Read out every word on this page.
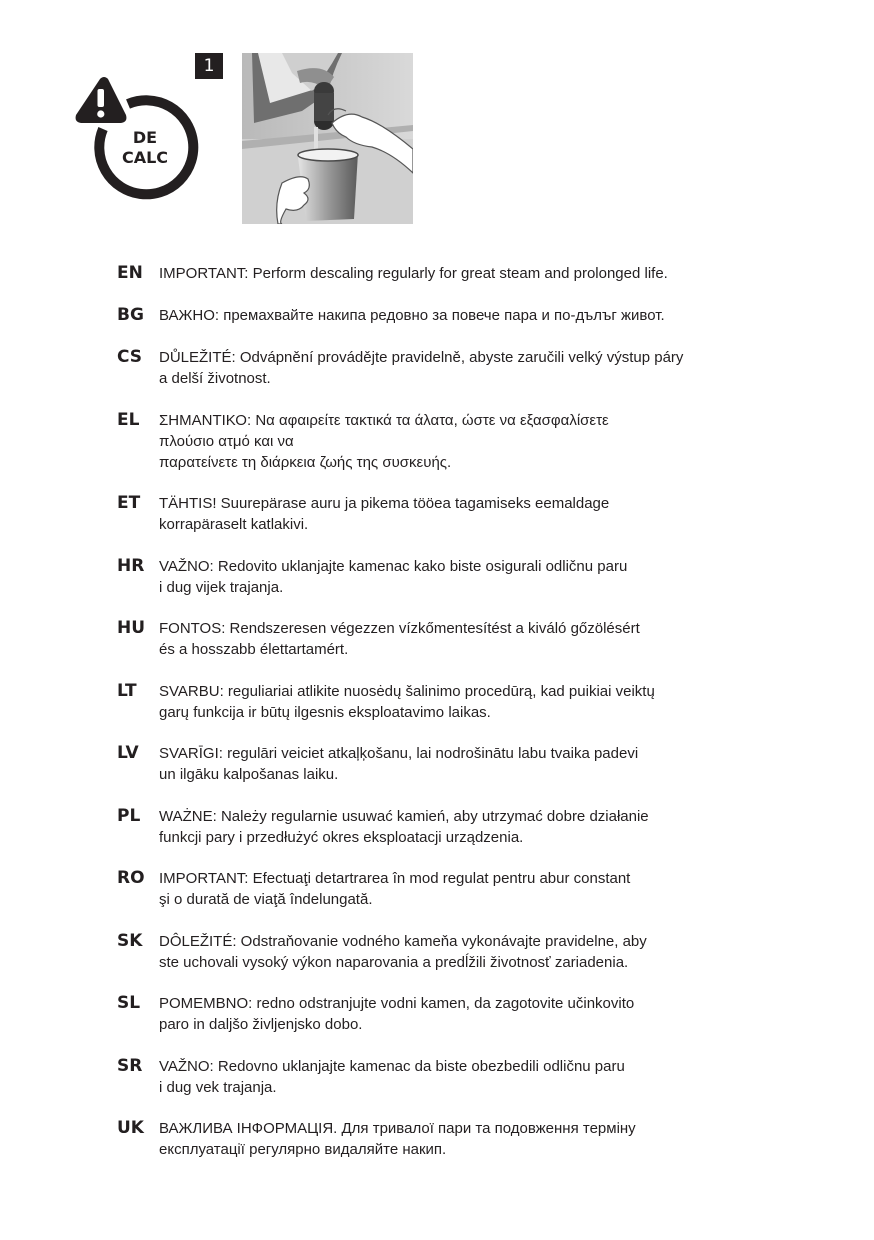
1
DE
CALC
EN IMPORTANT: Perform descaling regularly for great steam and prolonged life.
BG ВАЖНО: премахвайте накипа редовно за повече пара и по-дълъг живот.
CS DŮLEŽITÉ: Odvápnění provádějte pravidelně, abyste zaručili velký výstup páry
a delší životnost.
EL ΣΗΜΑΝΤΙΚΟ: Να αφαιρείτε τακτικά τα άλατα, ώστε να εξασφαλίσετε
πλούσιο ατμό και να
παρατείνετε τη διάρκεια ζωής της συσκευής.
ET TÄHTIS! Suurepärase auru ja pikema tööea tagamiseks eemaldage
korrapäraselt katlakivi.
HR VAŽNO: Redovito uklanjajte kamenac kako biste osigurali odličnu paru
i dug vijek trajanja.
HU FONTOS: Rendszeresen végezzen vízkőmentesítést a kiváló gőzölésért
és a hosszabb élettartamért.
LT SVARBU: reguliariai atlikite nuosėdų šalinimo procedūrą, kad puikiai veiktų
garų funkcija ir būtų ilgesnis eksploatavimo laikas.
LV SVARĪGI: regulāri veiciet atkaļķošanu, lai nodrošinātu labu tvaika padevi
un ilgāku kalpošanas laiku.
PL WAŻNE: Należy regularnie usuwać kamień, aby utrzymać dobre działanie
funkcji pary i przedłużyć okres eksploatacji urządzenia.
RO IMPORTANT: Efectuaţi detartrarea în mod regulat pentru abur constant
şi o durată de viaţă îndelungată.
SK DÔLEŽITÉ: Odstraňovanie vodného kameňa vykonávajte pravidelne, aby
ste uchovali vysoký výkon naparovania a predĺžili životnosť zariadenia.
SL POMEMBNO: redno odstranjujte vodni kamen, da zagotovite učinkovito
paro in daljšo življenjsko dobo.
SR VAŽNO: Redovno uklanjajte kamenac da biste obezbedili odličnu paru
i dug vek trajanja.
UK ВАЖЛИВА ІНФОРМАЦІЯ. Для тривалої пари та подовження терміну
експлуатації регулярно видаляйте накип.
